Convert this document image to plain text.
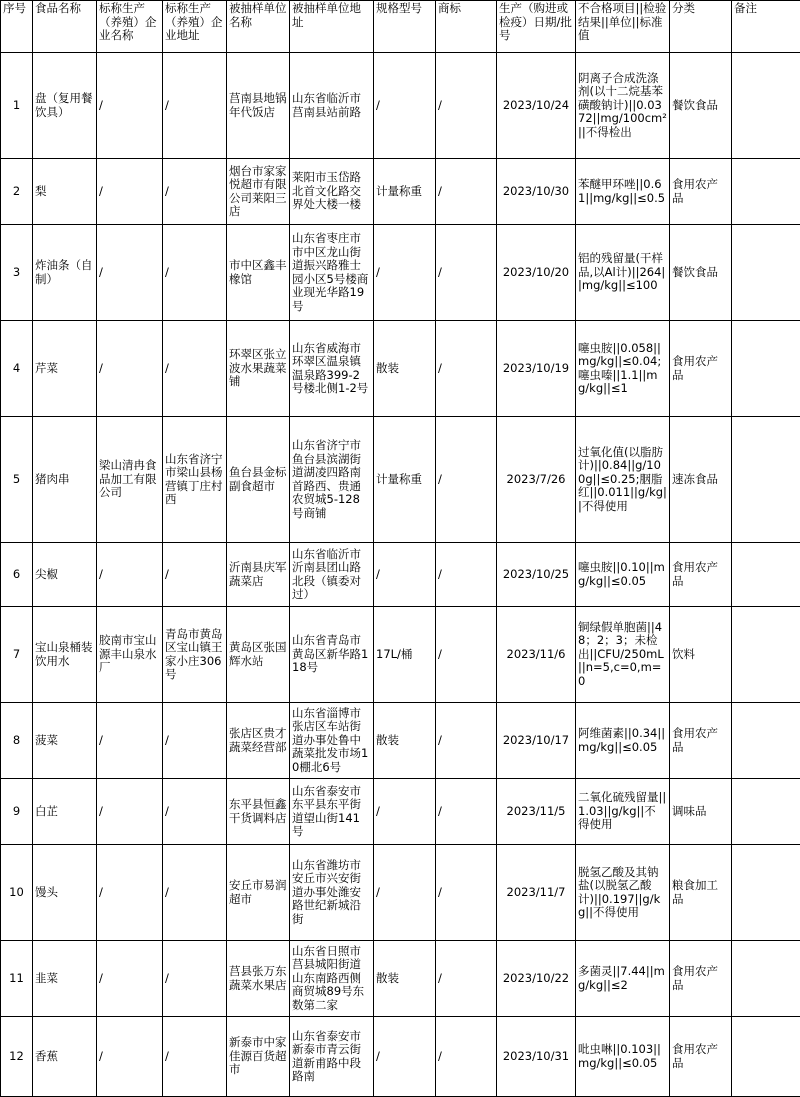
序号	食品名称	标称生产（养殖）企业名称	标称生产（养殖）企业地址	被抽样单位名称	被抽样单位地址	规格型号	商标	生产（购进或检疫）日期/批号	不合格项目||检验结果||单位||标准值	分类	备注
1	盘（复用餐饮具）	/	/	莒南县地锅年代饭店	山东省临沂市莒南县站前路	/	/	2023/10/24	阴离子合成洗涤剂(以十二烷基苯磺酸钠计)||0.0372||mg/100cm²||不得检出	餐饮食品	
2	梨	/	/	烟台市家家悦超市有限公司莱阳三店	莱阳市玉岱路北首文化路交界处大楼一楼	计量称重	/	2023/10/30	苯醚甲环唑||0.61||mg/kg||≤0.5	食用农产品	
3	炸油条（自制）	/	/	市中区鑫丰橡馆	山东省枣庄市市中区龙山街道振兴路雅士园小区5号楼商业现光华路19号	/	/	2023/10/20	铝的残留量(干样品,以Al计)||264||mg/kg||≤100	餐饮食品	
4	芹菜	/	/	环翠区张立波水果蔬菜铺	山东省威海市环翠区温泉镇温泉路399-2号楼北侧1-2号	散装	/	2023/10/19	噻虫胺||0.058||mg/kg||≤0.04;噻虫嗪||1.1||mg/kg||≤1	食用农产品	
5	猪肉串	梁山清冉食品加工有限公司	山东省济宁市梁山县杨营镇丁庄村西	鱼台县金标副食超市	山东省济宁市鱼台县滨湖街道湖凌四路南首路西、贵通农贸城5-128号商铺	计量称重	/	2023/7/26	过氧化值(以脂肪计)||0.84||g/100g||≤0.25;胭脂红||0.011||g/kg||不得使用	速冻食品	
6	尖椒	/	/	沂南县庆军蔬菜店	山东省临沂市沂南县团山路北段（镇委对过）	/	/	2023/10/25	噻虫胺||0.10||mg/kg||≤0.05	食用农产品	
7	宝山泉桶装饮用水	胶南市宝山源丰山泉水厂	青岛市黄岛区宝山镇王家小庄306号	黄岛区张国辉水站	山东省青岛市黄岛区新华路118号	17L/桶	/	2023/11/6	铜绿假单胞菌||48；2；3；未检出||CFU/250mL||n=5,c=0,m=0	饮料	
8	菠菜	/	/	张店区贵才蔬菜经营部	山东省淄博市张店区车站街道办事处鲁中蔬菜批发市场10棚北6号	散装	/	2023/10/17	阿维菌素||0.34||mg/kg||≤0.05	食用农产品	
9	白芷	/	/	东平县恒鑫干货调料店	山东省泰安市东平县东平街道望山街141号	/	/	2023/11/5	二氧化硫残留量||1.03||g/kg||不得使用	调味品	
10	馒头	/	/	安丘市易润超市	山东省潍坊市安丘市兴安街道办事处潍安路世纪新城沿街	/	/	2023/11/7	脱氢乙酸及其钠盐(以脱氢乙酸计)||0.197||g/kg||不得使用	粮食加工品	
11	韭菜	/	/	莒县张万东蔬菜水果店	山东省日照市莒县城阳街道山东南路西侧商贸城89号东数第二家	散装	/	2023/10/22	多菌灵||7.44||mg/kg||≤2	食用农产品	
12	香蕉	/	/	新泰市中家佳源百货超市	山东省泰安市新泰市青云街道新甫路中段路南	/	/	2023/10/31	吡虫啉||0.103||mg/kg||≤0.05	食用农产品	
